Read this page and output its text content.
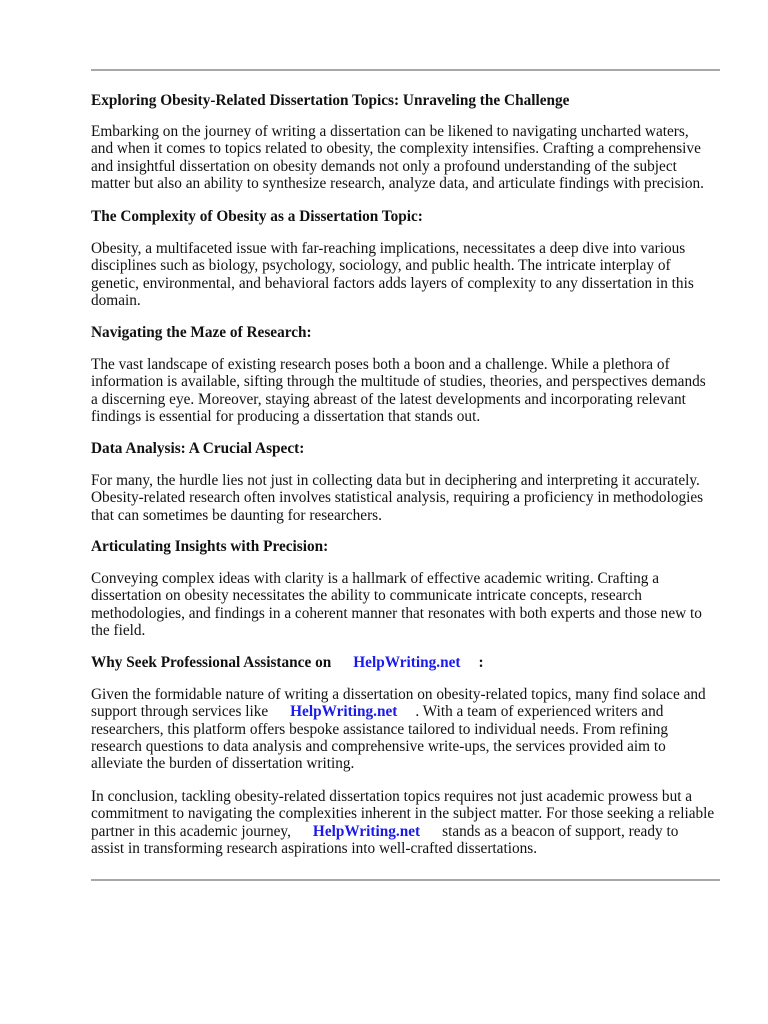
Exploring Obesity-Related Dissertation Topics: Unraveling the Challenge

Embarking on the journey of writing a dissertation can be likened to navigating uncharted waters,

and when it comes to topics related to obesity, the complexity intensifies. Crafting a comprehensive

and insightful dissertation on obesity demands not only a profound understanding of the subject

matter but also an ability to synthesize research, analyze data, and articulate findings with precision.

The Complexity of Obesity as a Dissertation Topic:

Obesity, a multifaceted issue with far-reaching implications, necessitates a deep dive into various

disciplines such as biology, psychology, sociology, and public health. The intricate interplay of

genetic, environmental, and behavioral factors adds layers of complexity to any dissertation in this

domain.

Navigating the Maze of Research:

The vast landscape of existing research poses both a boon and a challenge. While a plethora of

information is available, sifting through the multitude of studies, theories, and perspectives demands

a discerning eye. Moreover, staying abreast of the latest developments and incorporating relevant

findings is essential for producing a dissertation that stands out.

Data Analysis: A Crucial Aspect:

For many, the hurdle lies not just in collecting data but in deciphering and interpreting it accurately.

Obesity-related research often involves statistical analysis, requiring a proficiency in methodologies

that can sometimes be daunting for researchers.

Articulating Insights with Precision:

Conveying complex ideas with clarity is a hallmark of effective academic writing. Crafting a

dissertation on obesity necessitates the ability to communicate intricate concepts, research

methodologies, and findings in a coherent manner that resonates with both experts and those new to

the field.

Why Seek Professional Assistance on HelpWriting.net :

Given the formidable nature of writing a dissertation on obesity-related topics, many find solace and

support through services like HelpWriting.net . With a team of experienced writers and

researchers, this platform offers bespoke assistance tailored to individual needs. From refining

research questions to data analysis and comprehensive write-ups, the services provided aim to

alleviate the burden of dissertation writing.

In conclusion, tackling obesity-related dissertation topics requires not just academic prowess but a

commitment to navigating the complexities inherent in the subject matter. For those seeking a reliable

partner in this academic journey, HelpWriting.net stands as a beacon of support, ready to

assist in transforming research aspirations into well-crafted dissertations.
